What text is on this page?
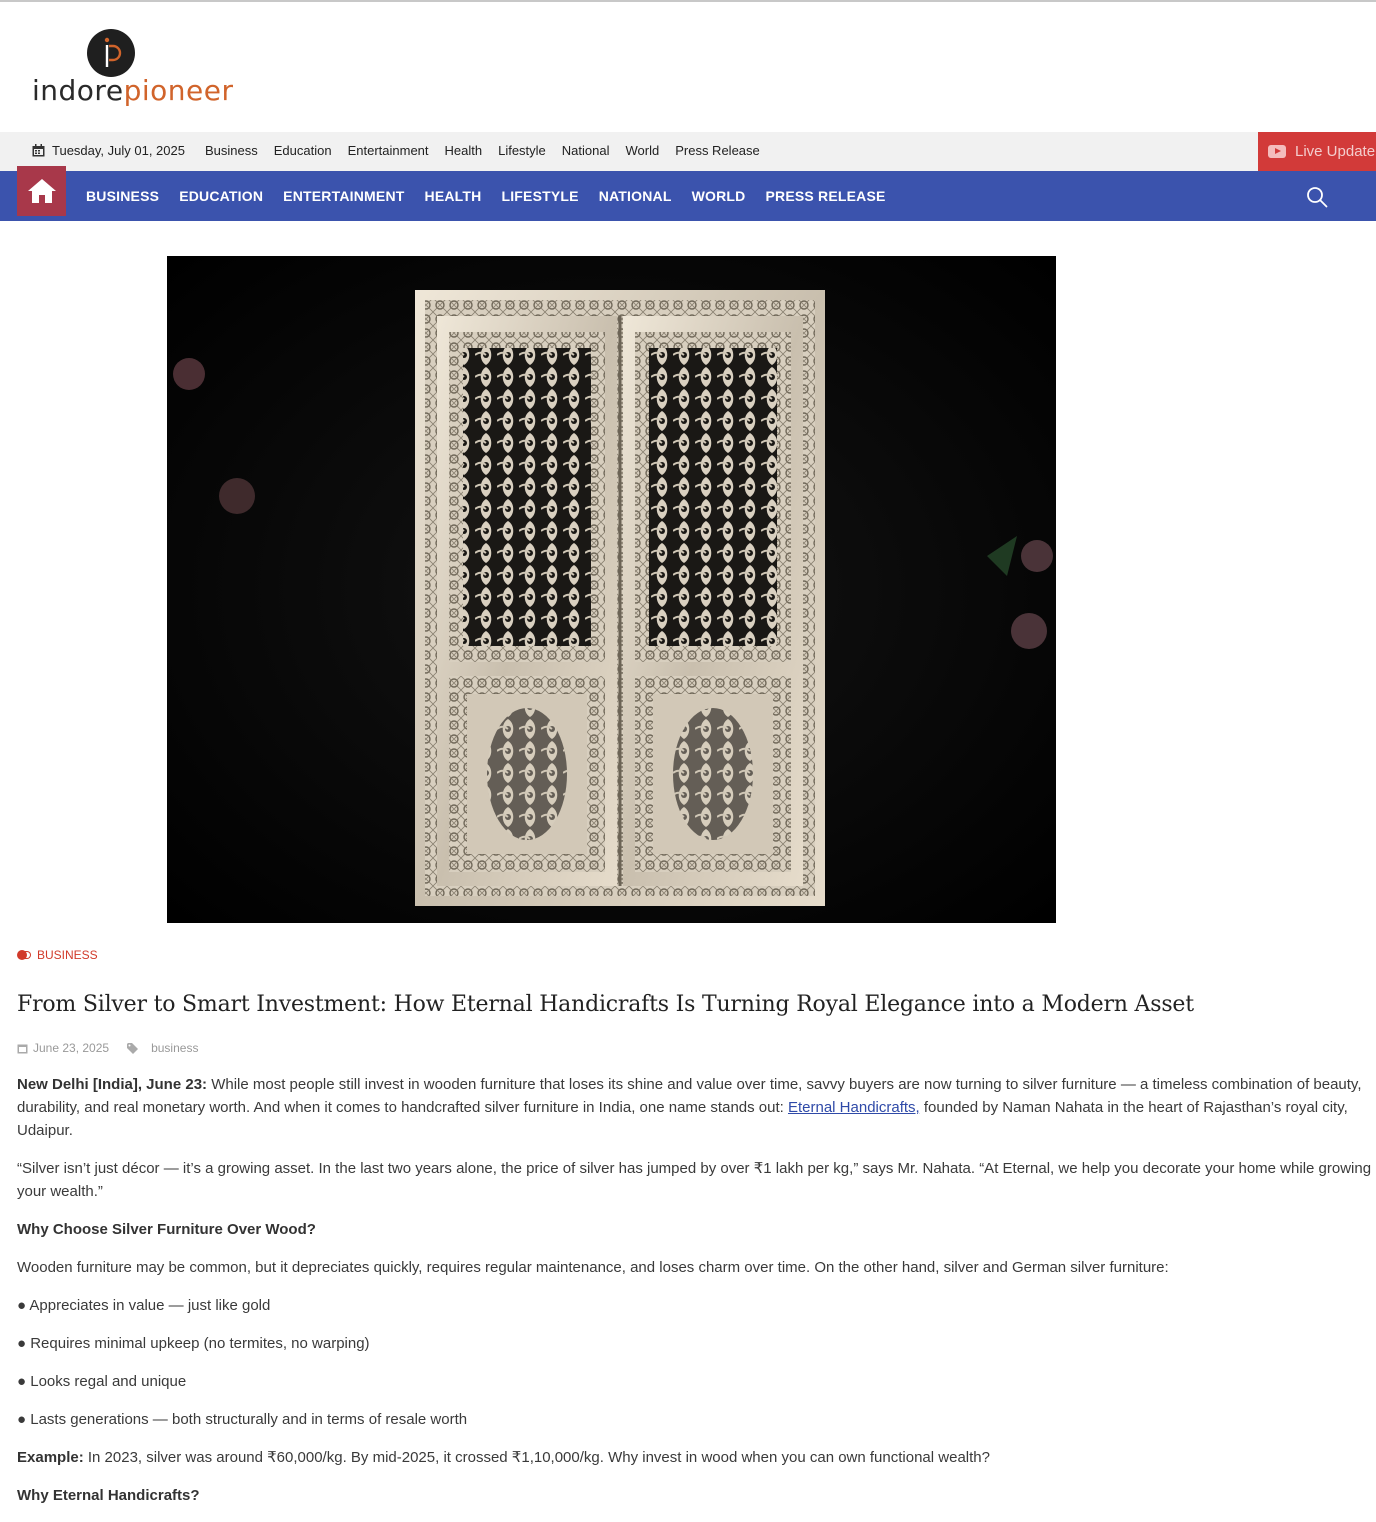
indorepioneer
Tuesday, July 01, 2025 Business Education Entertainment Health Lifestyle National World Press Release	Live Update
BUSINESS EDUCATION ENTERTAINMENT HEALTH LIFESTYLE NATIONAL WORLD PRESS RELEASE
BUSINESS
From Silver to Smart Investment: How Eternal Handicrafts Is Turning Royal Elegance into a Modern Asset
June 23, 2025	business

New Delhi [India], June 23: While most people still invest in wooden furniture that loses its shine and value over time, savvy buyers are now turning to silver furniture — a timeless combination of beauty, durability, and real monetary worth. And when it comes to handcrafted silver furniture in India, one name stands out: Eternal Handicrafts, founded by Naman Nahata in the heart of Rajasthan’s royal city, Udaipur.

“Silver isn’t just décor — it’s a growing asset. In the last two years alone, the price of silver has jumped by over ₹1 lakh per kg,” says Mr. Nahata. “At Eternal, we help you decorate your home while growing your wealth.”

Why Choose Silver Furniture Over Wood?

Wooden furniture may be common, but it depreciates quickly, requires regular maintenance, and loses charm over time. On the other hand, silver and German silver furniture:

● Appreciates in value — just like gold

● Requires minimal upkeep (no termites, no warping)

● Looks regal and unique

● Lasts generations — both structurally and in terms of resale worth

Example: In 2023, silver was around ₹60,000/kg. By mid-2025, it crossed ₹1,10,000/kg. Why invest in wood when you can own functional wealth?

Why Eternal Handicrafts?
